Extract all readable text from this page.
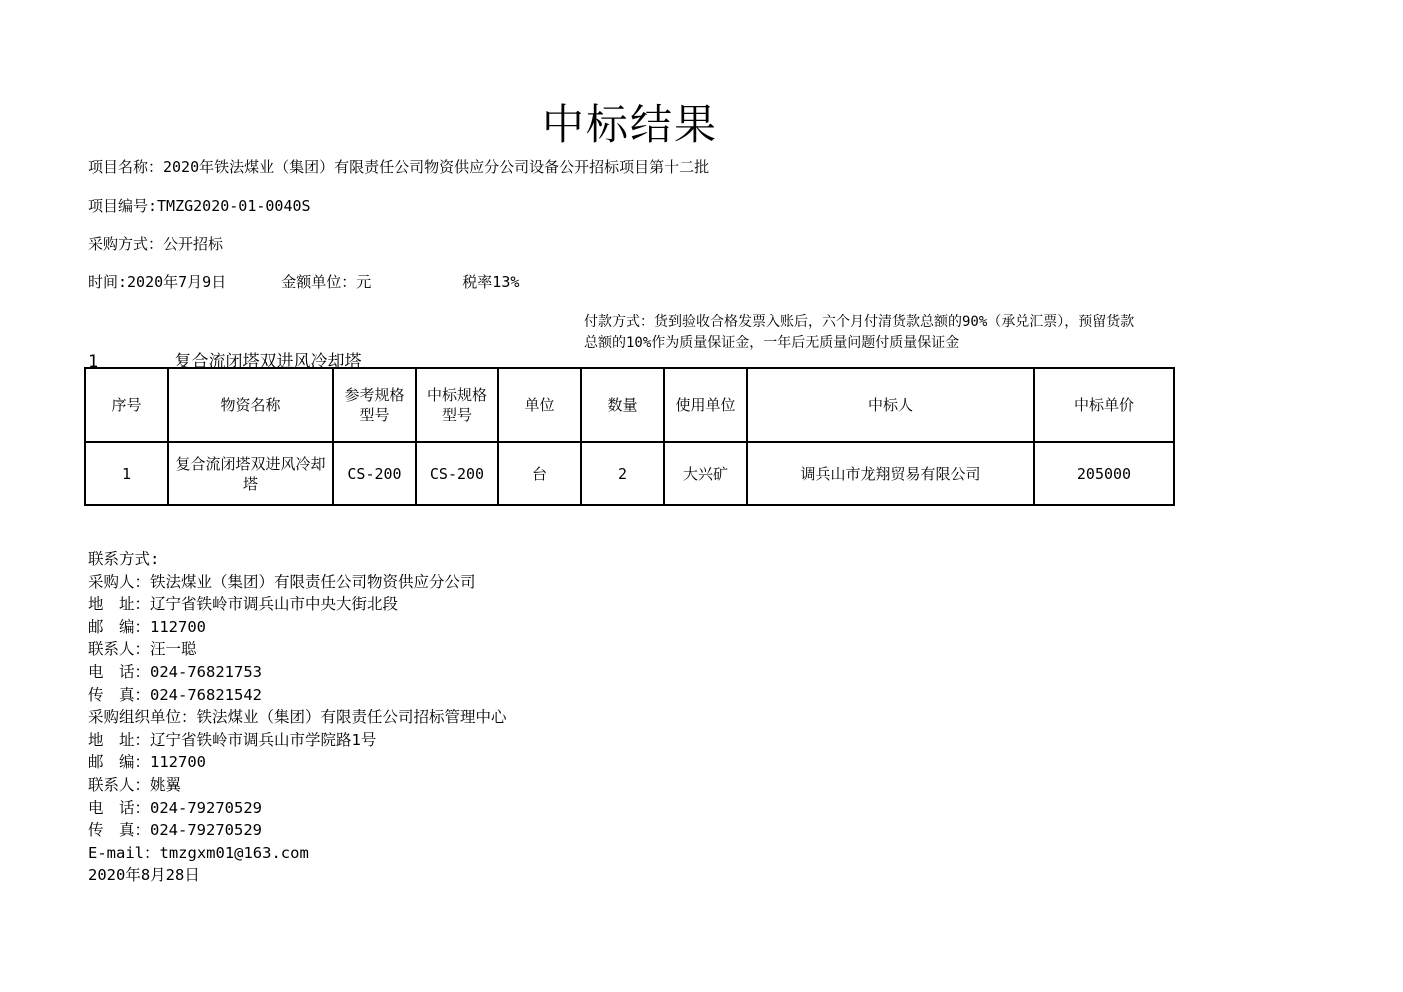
中标结果
项目名称：2020年铁法煤业（集团）有限责任公司物资供应分公司设备公开招标项目第十二批
项目编号:TMZG2020-01-0040S
采购方式：公开招标
时间:2020年7月9日	金额单位：元	税率13%
付款方式：货到验收合格发票入账后，六个月付清货款总额的90%（承兑汇票），预留货款总额的10%作为质量保证金，一年后无质量问题付质量保证金
1	复合流闭塔双进风冷却塔
序号	物资名称	参考规格型号	中标规格型号	单位	数量	使用单位	中标人	中标单价
1	复合流闭塔双进风冷却塔	CS-200	CS-200	台	2	大兴矿	调兵山市龙翔贸易有限公司	205000
联系方式:
采购人：铁法煤业（集团）有限责任公司物资供应分公司
地　址：辽宁省铁岭市调兵山市中央大街北段
邮　编：112700
联系人：汪一聪
电　话：024-76821753
传　真：024-76821542
采购组织单位：铁法煤业（集团）有限责任公司招标管理中心
地　址：辽宁省铁岭市调兵山市学院路1号
邮　编：112700
联系人：姚翼
电　话：024-79270529
传　真：024-79270529
E-mail：tmzgxm01@163.com
2020年8月28日
